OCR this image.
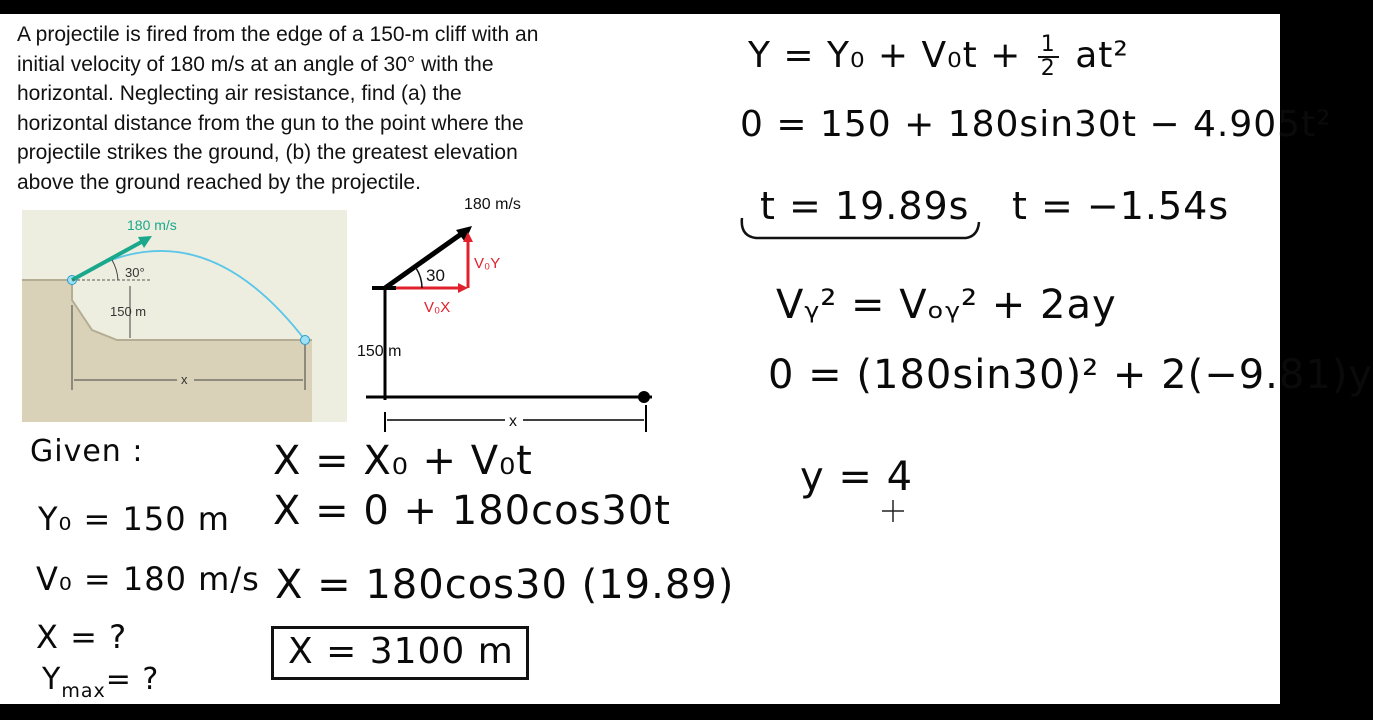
A projectile is fired from the edge of a 150-m cliff with an
initial velocity of 180 m/s at an angle of 30° with the
horizontal. Neglecting air resistance, find (a) the
horizontal distance from the gun to the point where the
projectile strikes the ground, (b) the greatest elevation
above the ground reached by the projectile.
180 m/s
30°
150 m
x
180 m/s
V₀Y
V₀X
30
150 m
x
Given :
Y₀ = 150 m
V₀ = 180 m/s
X = ?
$Y_{max}=$ ?
X = X₀ + V₀t
X = 0 + 180cos30t
X = 180cos30 (19.89)
X = 3100 m
$Y = Y_0 + V_0t + \frac{1}{2} at^2$
0 = 150 + 180sin30t − 4.905t²
t = 19.89s t = −1.54s
Vᵧ² = Vₒᵧ² + 2ay
0 = (180sin30)² + 2(−9.81)y
y = 4
